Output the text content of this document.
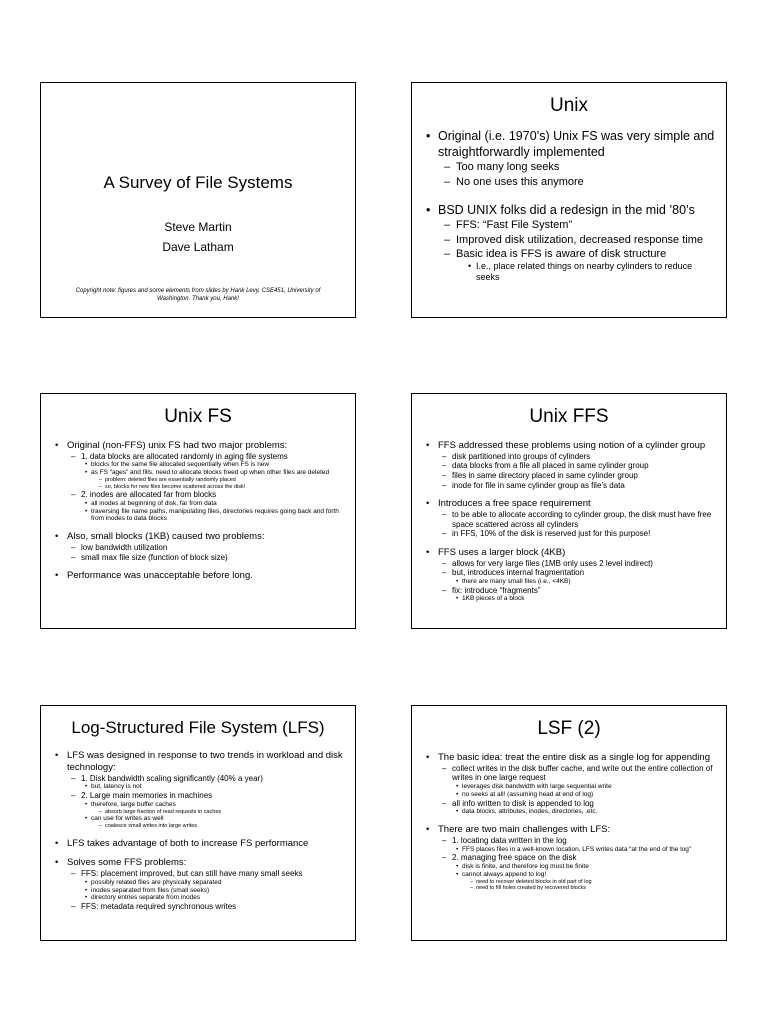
A Survey of File Systems
Steve Martin
Dave Latham
Copyright note: figures and some elements from slides by Hank Levy, CSE451, University of Washington. Thank you, Hank!
Unix
• Original (i.e. 1970’s) Unix FS was very simple and straightforwardly implemented
– Too many long seeks
– No one uses this anymore
• BSD UNIX folks did a redesign in the mid ’80’s
– FFS: “Fast File System”
– Improved disk utilization, decreased response time
– Basic idea is FFS is aware of disk structure
• I.e., place related things on nearby cylinders to reduce seeks
Unix FS
• Original (non-FFS) unix FS had two major problems:
– 1. data blocks are allocated randomly in aging file systems
• blocks for the same file allocated sequentially when FS is new
• as FS “ages” and fills, need to allocate blocks freed up when other files are deleted
– problem: deleted files are essentially randomly placed
– so, blocks for new files become scattered across the disk!
– 2. inodes are allocated far from blocks
• all inodes at beginning of disk, far from data
• traversing file name paths, manipulating files, directories requires going back and forth from inodes to data blocks
• Also, small blocks (1KB) caused two problems:
– low bandwidth utilization
– small max file size (function of block size)
• Performance was unacceptable before long.
Unix FFS
• FFS addressed these problems using notion of a cylinder group
– disk partitioned into groups of cylinders
– data blocks from a file all placed in same cylinder group
– files in same directory placed in same cylinder group
– inode for file in same cylinder group as file’s data
• Introduces a free space requirement
– to be able to allocate according to cylinder group, the disk must have free space scattered across all cylinders
– in FFS, 10% of the disk is reserved just for this purpose!
• FFS uses a larger block (4KB)
– allows for very large files (1MB only uses 2 level indirect)
– but, introduces internal fragmentation
• there are many small files (i.e., <4KB)
– fix: introduce “fragments”
• 1KB pieces of a block
Log-Structured File System (LFS)
• LFS was designed in response to two trends in workload and disk technology:
– 1. Disk bandwidth scaling significantly (40% a year)
• but, latency is not
– 2. Large main memories in machines
• therefore, large buffer caches
– absorb large fraction of read requests in caches
• can use for writes as well
– coalesce small writes into large writes
• LFS takes advantage of both to increase FS performance
• Solves some FFS problems:
– FFS: placement improved, but can still have many small seeks
• possibly related files are physically separated
• inodes separated from files (small seeks)
• directory entries separate from inodes
– FFS: metadata required synchronous writes
LSF (2)
• The basic idea: treat the entire disk as a single log for appending
– collect writes in the disk buffer cache, and write out the entire collection of writes in one large request
• leverages disk bandwidth with large sequential write
• no seeks at all! (assuming head at end of log)
– all info written to disk is appended to log
• data blocks, attributes, inodes, directories, .etc.
• There are two main challenges with LFS:
– 1. locating data written in the log
• FFS places files in a well-known location, LFS writes data “at the end of the log”
– 2. managing free space on the disk
• disk is finite, and therefore log must be finite
• cannot always append to log!
– need to recover deleted blocks in old part of log
– need to fill holes created by recovered blocks
